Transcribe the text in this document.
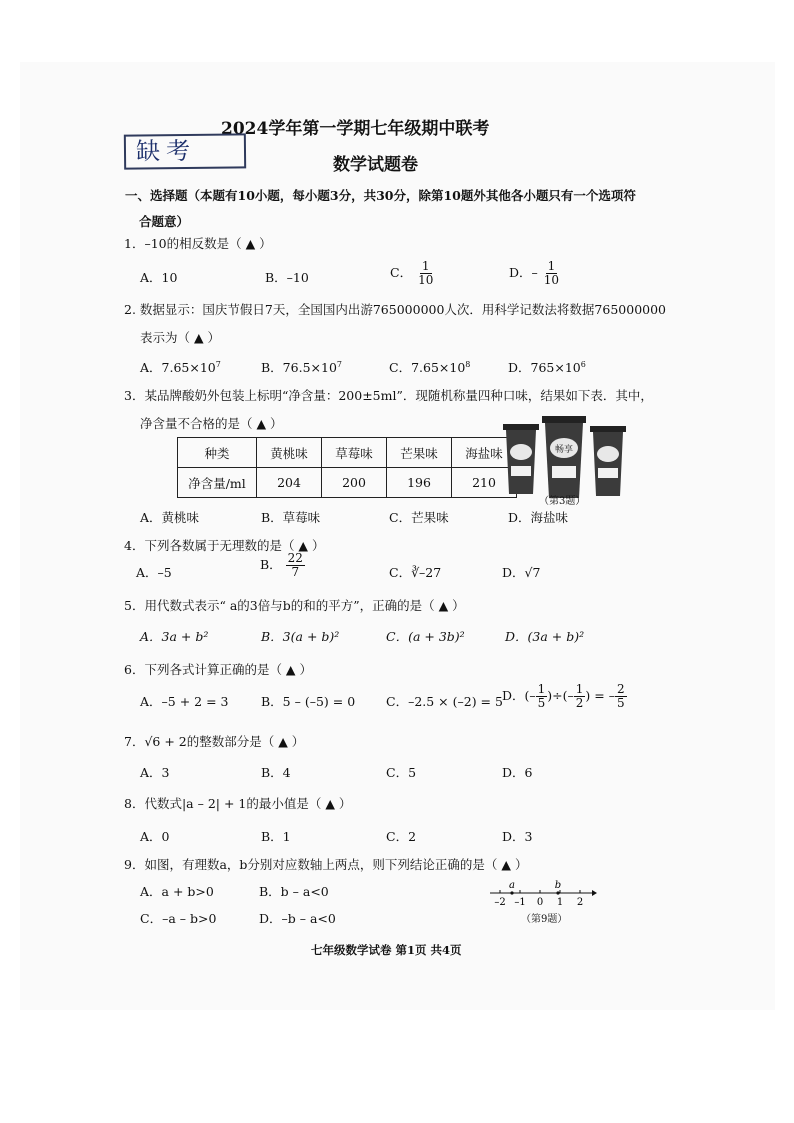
2024学年第一学期七年级期中联考
数学试题卷
缺考
一、选择题（本题有10小题，每小题3分，共30分，除第10题外其他各小题只有一个选项符
合题意）
1．–10的相反数是（ ▲ ）
A．10	B．–10	C． $\frac{1}{10}$	D．– $\frac{1}{10}$
2. 数据显示：国庆节假日7天，全国国内出游765000000人次．用科学记数法将数据765000000
表示为（ ▲ ）
A．$7.65\times 10^7$	B．$76.5\times 10^7$	C．$7.65\times 10^8$	D．$765\times 10^6$
3．某品牌酸奶外包装上标明“净含量：200±5ml”．现随机称量四种口味，结果如下表．其中，
净含量不合格的是（ ▲ ）
种类	黄桃味	草莓味	芒果味	海盐味
净含量/ml	204	200	196	210
畅享
（第3题）
A．黄桃味	B．草莓味	C．芒果味	D．海盐味
4．下列各数属于无理数的是（ ▲ ）
A．–5
B． $\frac{22}{7}$	C．∛–27	D．√7
5．用代数式表示“ a的3倍与b的和的平方”，正确的是（ ▲ ）
A．3a + b²	B．3(a + b)²	C．(a + 3b)²	D．(3a + b)²
6．下列各式计算正确的是（ ▲ ）
A．–5 + 2 = 3	B．5 – (–5) = 0 C．–2.5 × (–2) = 5 D．(– $\frac{1}{5}$ )÷(– $\frac{1}{2}$ ) = – $\frac{2}{5}$
7．√6 + 2的整数部分是（ ▲ ）
A．3	B．4	C．5	D．6
8．代数式|a – 2| + 1的最小值是（ ▲ ）
A．0	B．1	C．2	D．3
9．如图，有理数a，b分别对应数轴上两点，则下列结论正确的是（ ▲ ）
A．a + b>0	B．b – a<0
C．–a – b>0	D．–b – a<0
a	b
–2 –1 0 1 2
（第9题）
七年级数学试卷 第1页 共4页
